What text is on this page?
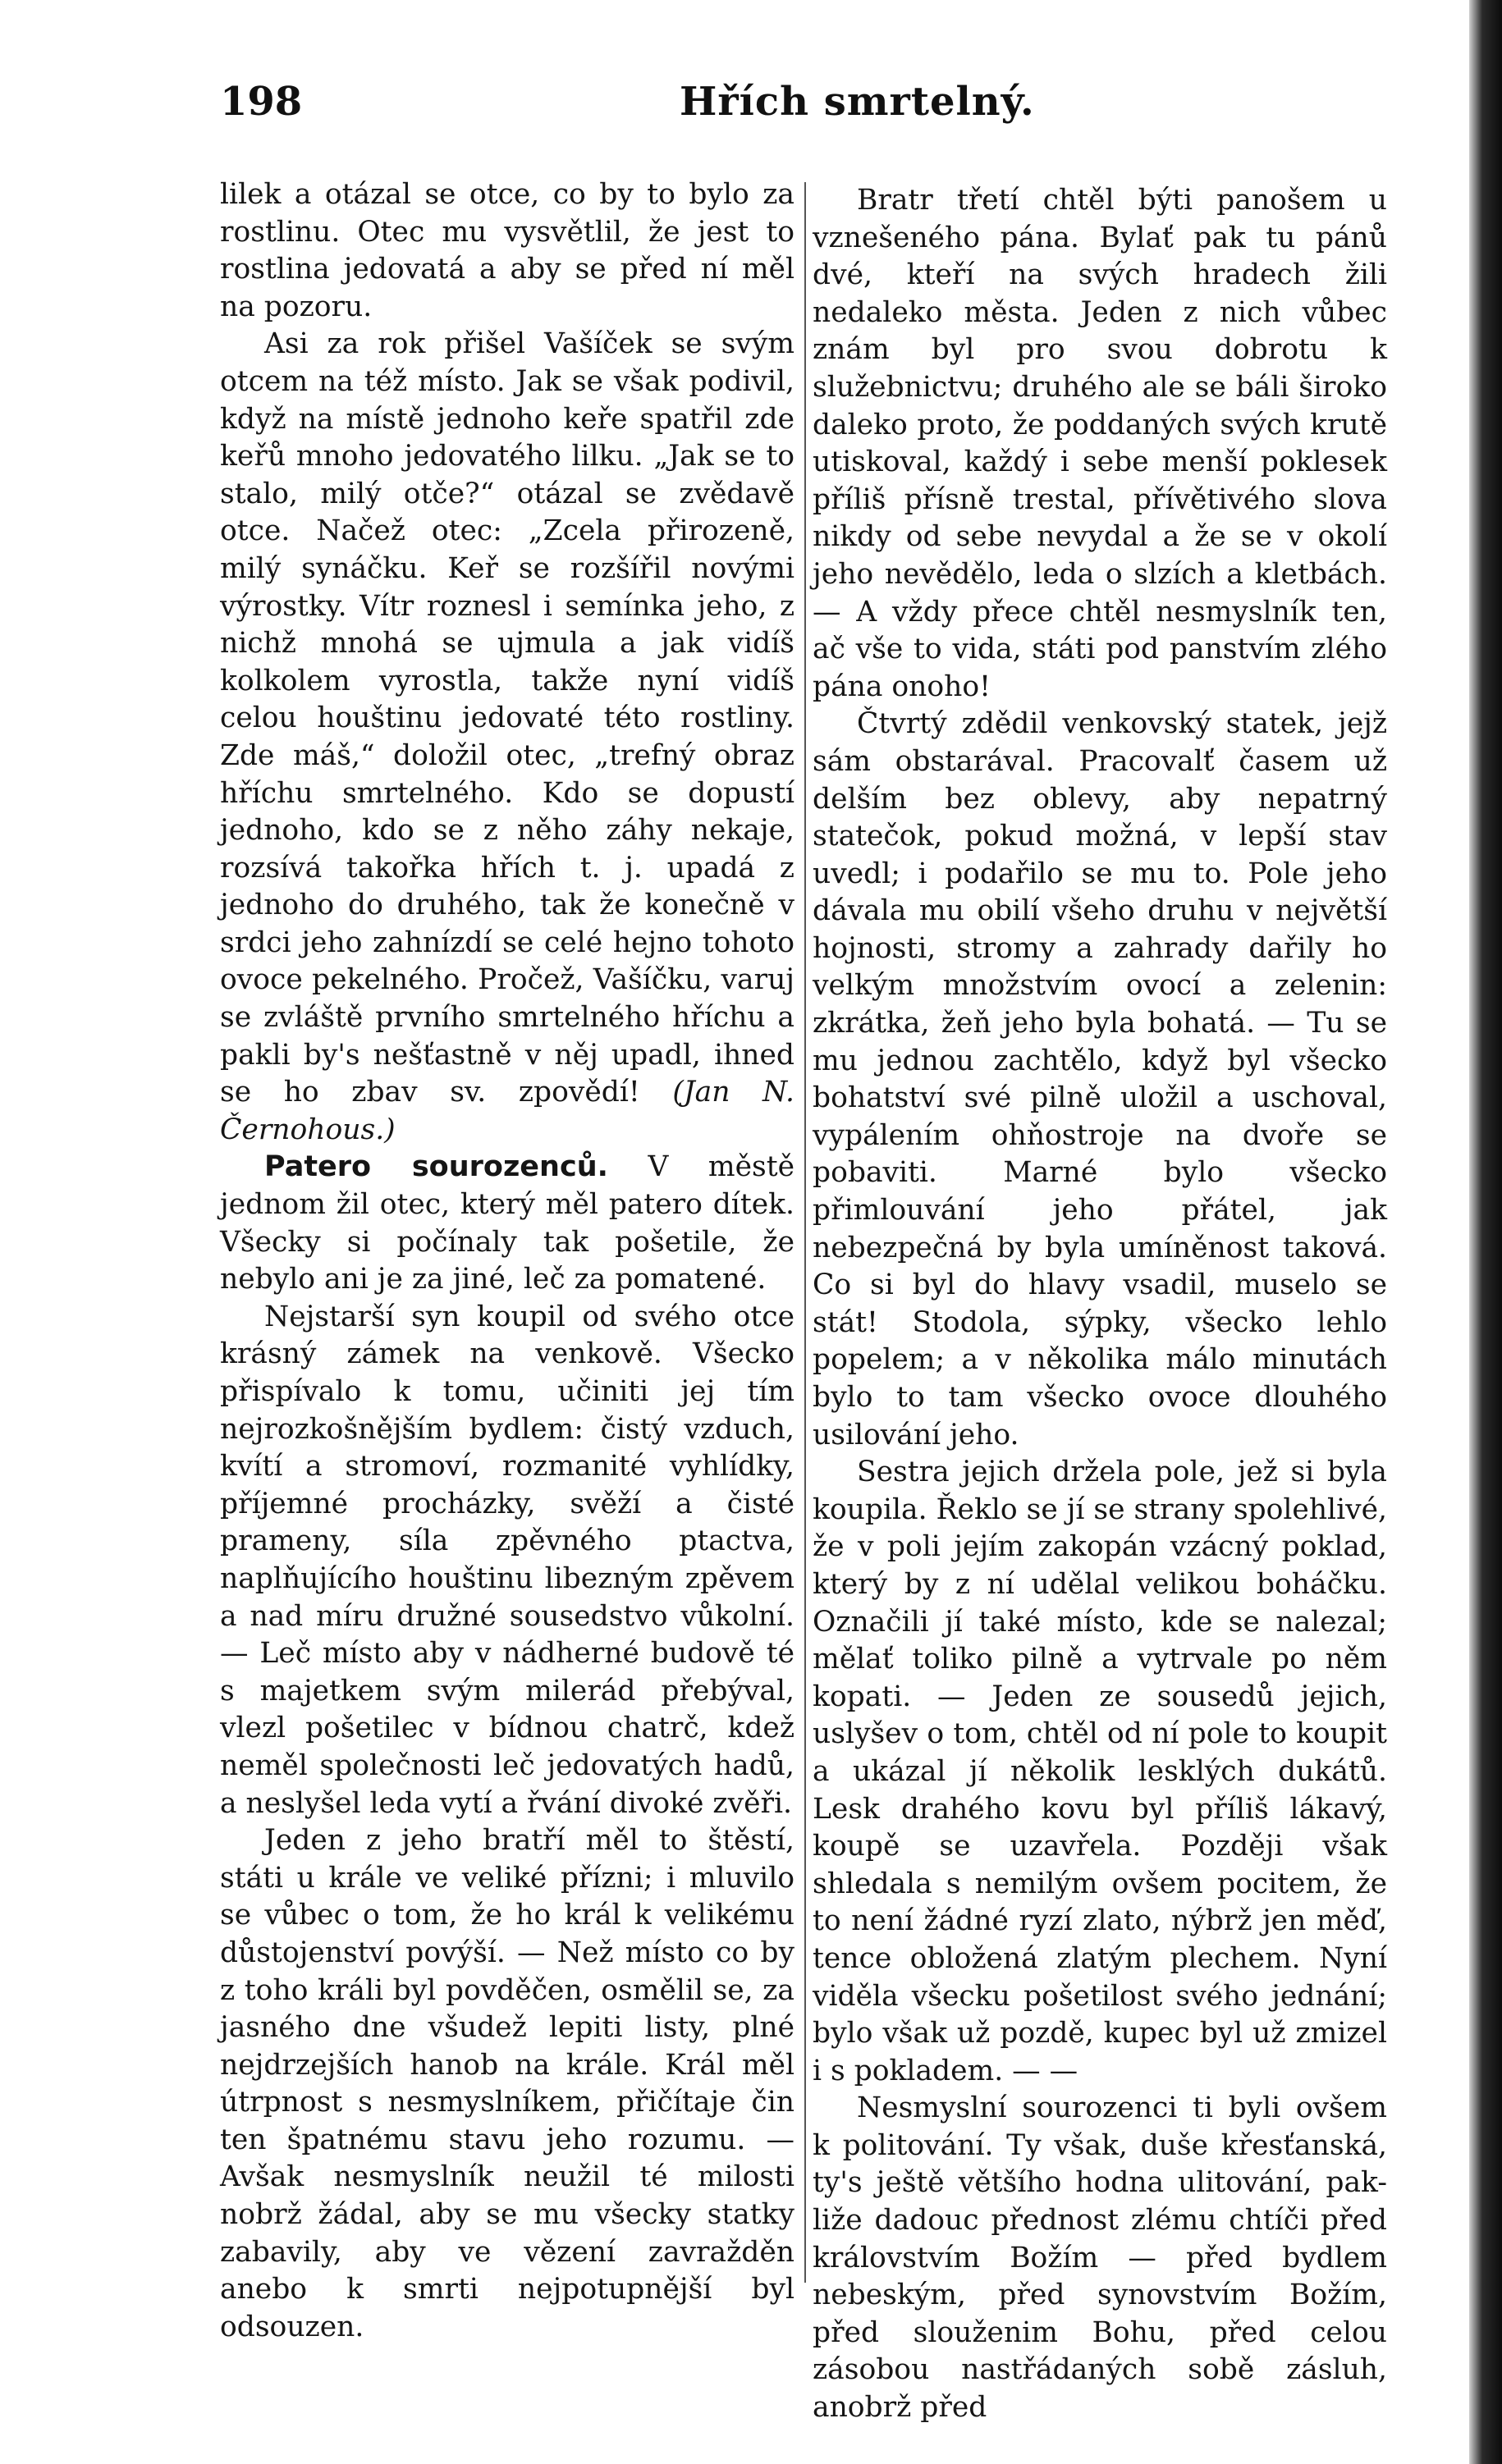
198	Hřích smrtelný.

lilek a otázal se otce, co by to bylo za rostlinu. Otec mu vysvětlil, že jest to rostlina jedovatá a aby se před ní měl na pozoru.

Asi za rok přišel Vašíček se svým otcem na též místo. Jak se však podivil, když na místě jednoho keře spatřil zde keřů mnoho jedovatého lilku. „Jak se to stalo, milý otče?“ otázal se zvědavě otce. Načež otec: „Zcela přirozeně, milý synáčku. Keř se rozšířil novými výrostky. Vítr roznesl i semínka jeho, z nichž mnohá se ujmula a jak vidíš kolkolem vyrostla, takže nyní vidíš celou houštinu jedovaté této rostliny. Zde máš,“ doložil otec, „trefný obraz hříchu smrtelného. Kdo se dopustí jednoho, kdo se z něho záhy nekaje, rozsívá takořka hřích t. j. upadá z jednoho do druhého, tak že konečně v srdci jeho zahnízdí se celé hejno tohoto ovoce pekelného. Pročež, Vašíčku, varuj se zvláště prvního smrtelného hříchu a pakli by's nešťastně v něj upadl, ihned se ho zbav sv. zpovědí! (Jan N. Černohous.)

Patero sourozenců. V městě jednom žil otec, který měl patero dítek. Všecky si počínaly tak pošetile, že nebylo ani je za jiné, leč za pomatené.

Nejstarší syn koupil od svého otce krásný zámek na venkově. Všecko přispívalo k tomu, učiniti jej tím nejrozkošnějším bydlem: čistý vzduch, kvítí a stromoví, rozmanité vyhlídky, příjemné procházky, svěží a čisté prameny, síla zpěvného ptactva, naplňujícího houštinu libezným zpěvem a nad míru družné sousedstvo vůkolní. — Leč místo aby v nádherné budově té s majetkem svým milerád přebýval, vlezl pošetilec v bídnou chatrč, kdež neměl společnosti leč jedovatých hadů, a neslyšel leda vytí a řvání divoké zvěři.

Jeden z jeho bratří měl to štěstí, státi u krále ve veliké přízni; i mluvilo se vůbec o tom, že ho král k velikému důstojenství povýší. — Než místo co by z toho králi byl povděčen, osmělil se, za jasného dne všudež lepiti listy, plné nejdrzejších hanob na krále. Král měl útrpnost s nesmyslníkem, přičítaje čin ten špatnému stavu jeho rozumu. — Avšak nesmyslník neužil té milosti nobrž žádal, aby se mu všecky statky zabavily, aby ve vězení zavražděn anebo k smrti nejpotupnější byl odsouzen.

Bratr třetí chtěl býti panošem u vznešeného pána. Bylať pak tu pánů dvé, kteří na svých hradech žili nedaleko města. Jeden z nich vůbec znám byl pro svou dobrotu k služebnictvu; druhého ale se báli široko daleko proto, že poddaných svých krutě utiskoval, každý i sebe menší poklesek příliš přísně trestal, přívětivého slova nikdy od sebe nevydal a že se v okolí jeho nevědělo, leda o slzích a kletbách. — A vždy přece chtěl nesmyslník ten, ač vše to vida, státi pod panstvím zlého pána onoho!

Čtvrtý zdědil venkovský statek, jejž sám obstarával. Pracovalť časem už delším bez oblevy, aby nepatrný statečok, pokud možná, v lepší stav uvedl; i podařilo se mu to. Pole jeho dávala mu obilí všeho druhu v největší hojnosti, stromy a zahrady dařily ho velkým množstvím ovocí a zelenin: zkrátka, žeň jeho byla bohatá. — Tu se mu jednou zachtělo, když byl všecko bohatství své pilně uložil a uschoval, vypálením ohňostroje na dvoře se pobaviti. Marné bylo všecko přimlouvání jeho přátel, jak nebezpečná by byla umíněnost taková. Co si byl do hlavy vsadil, muselo se stát! Stodola, sýpky, všecko lehlo popelem; a v několika málo minutách bylo to tam všecko ovoce dlouhého usilování jeho.

Sestra jejich držela pole, jež si byla koupila. Řeklo se jí se strany spolehlivé, že v poli jejím zakopán vzácný poklad, který by z ní udělal velikou boháčku. Označili jí také místo, kde se nalezal; mělať toliko pilně a vytrvale po něm kopati. — Jeden ze sousedů jejich, uslyšev o tom, chtěl od ní pole to koupit a ukázal jí několik lesklých dukátů. Lesk drahého kovu byl příliš lákavý, koupě se uzavřela. Později však shledala s nemilým ovšem pocitem, že to není žádné ryzí zlato, nýbrž jen měď, tence obložená zlatým plechem. Nyní viděla všecku pošetilost svého jednání; bylo však už pozdě, kupec byl už zmizel i s pokladem. — —

Nesmyslní sourozenci ti byli ovšem k politování. Ty však, duše křesťanská, ty's ještě většího hodna ulitování, pak-liže dadouc přednost zlému chtíči před královstvím Božím — před bydlem nebeským, před synovstvím Božím, před slouženim Bohu, před celou zásobou nastřádaných sobě zásluh, anobrž před
